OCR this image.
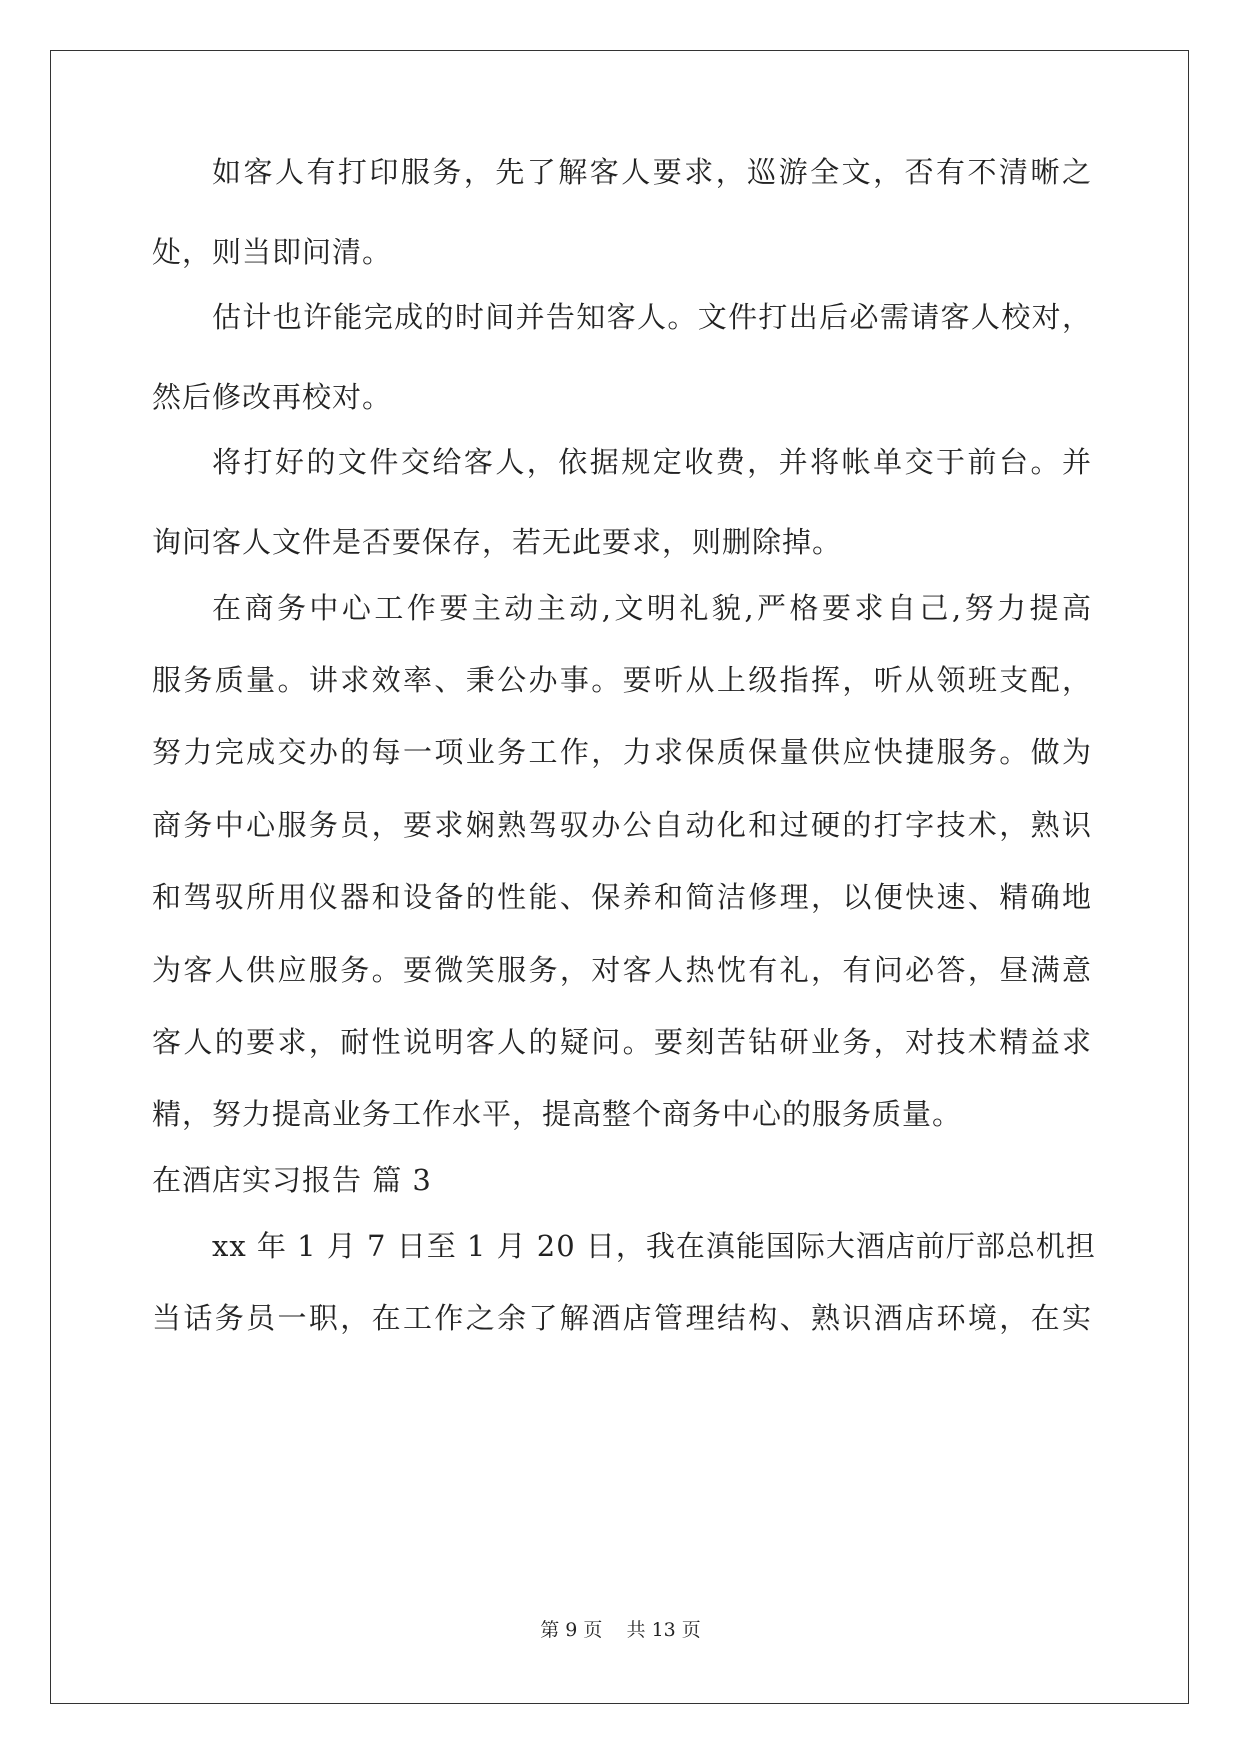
如客人有打印服务，先了解客人要求，巡游全文，否有不清晰之
处，则当即问清。
估计也许能完成的时间并告知客人。文件打出后必需请客人校对，
然后修改再校对。
将打好的文件交给客人，依据规定收费，并将帐单交于前台。并
询问客人文件是否要保存，若无此要求，则删除掉。
在商务中心工作要主动主动,文明礼貌,严格要求自己,努力提高
服务质量。讲求效率、秉公办事。要听从上级指挥，听从领班支配，
努力完成交办的每一项业务工作，力求保质保量供应快捷服务。做为
商务中心服务员，要求娴熟驾驭办公自动化和过硬的打字技术，熟识
和驾驭所用仪器和设备的性能、保养和简洁修理，以便快速、精确地
为客人供应服务。要微笑服务，对客人热忱有礼，有问必答，昼满意
客人的要求，耐性说明客人的疑问。要刻苦钻研业务，对技术精益求
精，努力提高业务工作水平，提高整个商务中心的服务质量。
在酒店实习报告 篇 3
xx 年 1 月 7 日至 1 月 20 日，我在滇能国际大酒店前厅部总机担
当话务员一职，在工作之余了解酒店管理结构、熟识酒店环境，在实
第 9 页    共 13 页
